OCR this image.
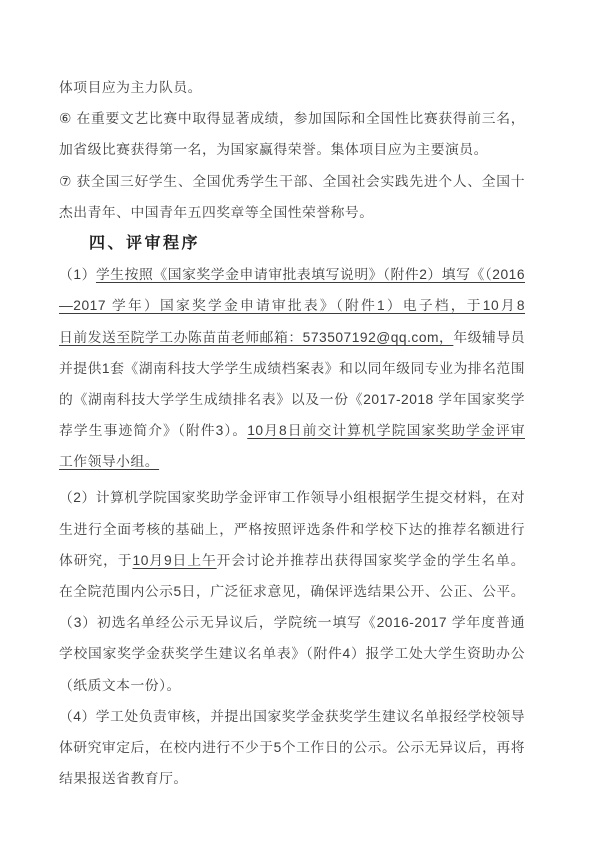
体项目应为主力队员。
⑥ 在重要文艺比赛中取得显著成绩，参加国际和全国性比赛获得前三名，
加省级比赛获得第一名，为国家赢得荣誉。集体项目应为主要演员。
⑦ 获全国三好学生、全国优秀学生干部、全国社会实践先进个人、全国十
杰出青年、中国青年五四奖章等全国性荣誉称号。
四、评审程序
（1）学生按照《国家奖学金申请审批表填写说明》（附件2）填写《（2016
—2017 学年）国家奖学金申请审批表》（附件1）电子档，于10月8
日前发送至院学工办陈苗苗老师邮箱：573507192@qq.com，年级辅导员
并提供1套《湖南科技大学学生成绩档案表》和以同年级同专业为排名范围
的《湖南科技大学学生成绩排名表》以及一份《2017-2018 学年国家奖学
荐学生事迹简介》（附件3）。10月8日前交计算机学院国家奖助学金评审
工作领导小组。
（2）计算机学院国家奖助学金评审工作领导小组根据学生提交材料，在对
生进行全面考核的基础上，严格按照评选条件和学校下达的推荐名额进行
体研究，于10月9日上午开会讨论并推荐出获得国家奖学金的学生名单。
在全院范围内公示5日，广泛征求意见，确保评选结果公开、公正、公平。
（3）初选名单经公示无异议后，学院统一填写《2016-2017 学年度普通
学校国家奖学金获奖学生建议名单表》（附件4）报学工处大学生资助办公
（纸质文本一份）。
（4）学工处负责审核，并提出国家奖学金获奖学生建议名单报经学校领导
体研究审定后，在校内进行不少于5个工作日的公示。公示无异议后，再将
结果报送省教育厅。
